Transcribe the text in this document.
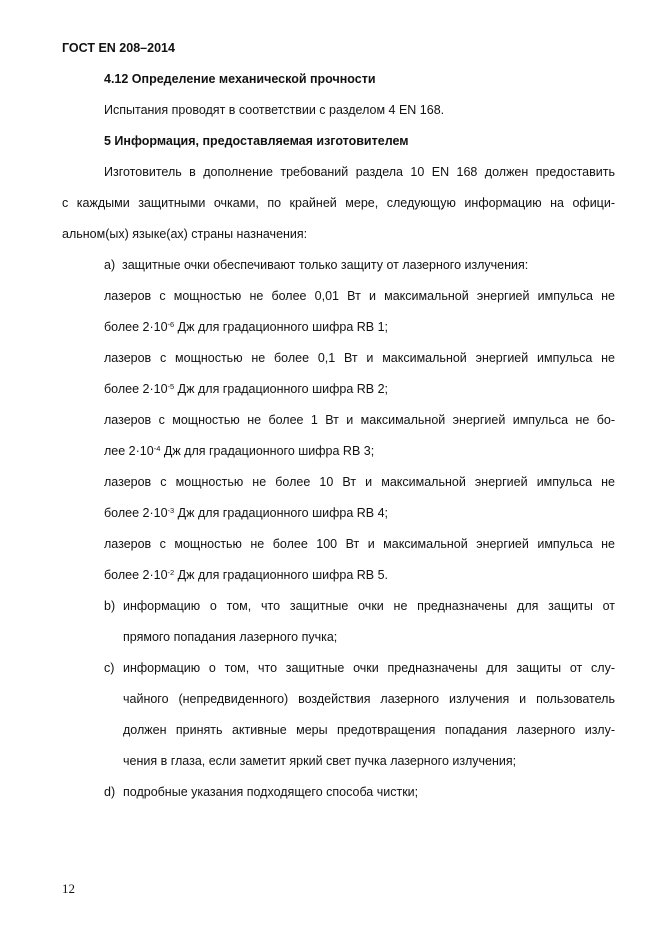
ГОСТ EN 208–2014
4.12 Определение механической прочности
Испытания проводят в соответствии с разделом 4 EN 168.
5 Информация, предоставляемая изготовителем
Изготовитель в дополнение требований раздела 10 EN 168 должен предоставить
с каждыми защитными очками, по крайней мере, следующую информацию на офици-
альном(ых) языке(ах) страны назначения:
a) защитные очки обеспечивают только защиту от лазерного излучения:
лазеров с мощностью не более 0,01 Вт и максимальной энергией импульса не
более $2\cdot 10^{-6}$ Дж для градационного шифра RB 1;
лазеров с мощностью не более 0,1 Вт и максимальной энергией импульса не
более $2\cdot 10^{-5}$ Дж для градационного шифра RB 2;
лазеров с мощностью не более 1 Вт и максимальной энергией импульса не бо-
лее $2\cdot 10^{-4}$ Дж для градационного шифра RB 3;
лазеров с мощностью не более 10 Вт и максимальной энергией импульса не
более $2\cdot 10^{-3}$ Дж для градационного шифра RB 4;
лазеров с мощностью не более 100 Вт и максимальной энергией импульса не
более $2\cdot 10^{-2}$ Дж для градационного шифра RB 5.
b) информацию о том, что защитные очки не предназначены для защиты от
прямого попадания лазерного пучка;
c) информацию о том, что защитные очки предназначены для защиты от слу-
чайного (непредвиденного) воздействия лазерного излучения и пользователь
должен принять активные меры предотвращения попадания лазерного излу-
чения в глаза, если заметит яркий свет пучка лазерного излучения;
d) подробные указания подходящего способа чистки;
12
